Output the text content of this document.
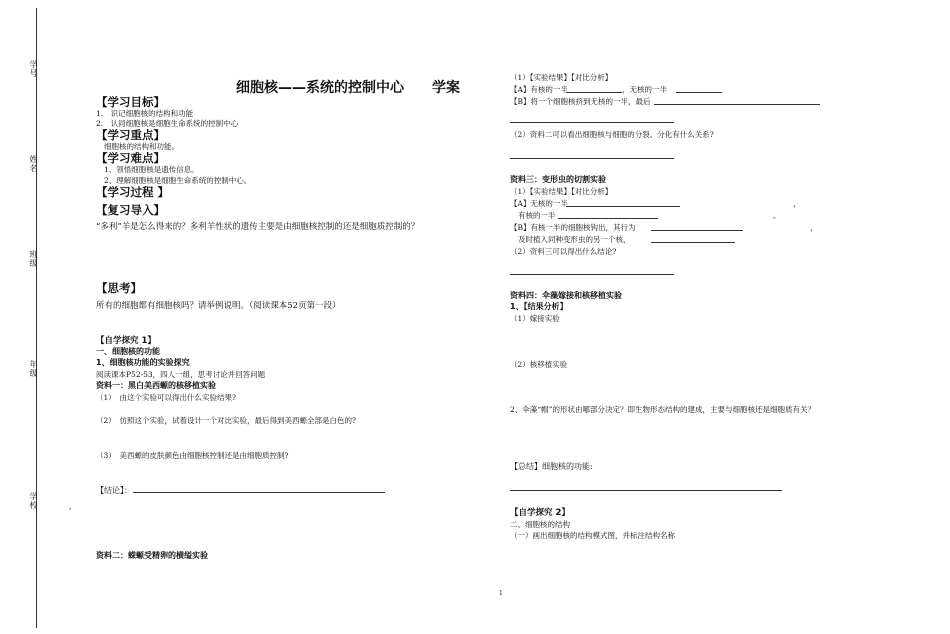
学号
姓名
班级
年级
学校
细胞核——系统的控制中心 学案
【学习目标】
1.　识记细胞核的结构和功能
2.　认同细胞核是细胞生命系统的控制中心
【学习重点】
细胞核的结构和功能。
【学习难点】
1、领悟细胞核是遗传信息。
2、理解细胞核是细胞生命系统的控制中心。
【学习过程 】
【复习导入】
“多利”羊是怎么得来的？多利羊性状的遗传主要是由细胞核控制的还是细胞质控制的？
【思考】
所有的细胞都有细胞核吗？请举例说明。（阅读课本52页第一段）
【自学探究 1】
一、细胞核的功能
1、细胞核功能的实验探究
阅读课本P52-53，四人一组，思考讨论并回答问题
资料一：黑白美西螈的核移植实验
（1）　由这个实验可以得出什么实验结果?
（2）　仿照这个实验，试着设计一个对比实验，最后得到美西螈全部是白色的?
（3）　美西螈的皮肤颜色由细胞核控制还是由细胞质控制?
【结论】：
,
资料二：蝾螈受精卵的横缢实验
（1）【实验结果】【对比分析】
【A】有核的一半	，无核的一半
【B】将一个细胞核挤到无核的一半，最后
（2）资料二可以看出细胞核与细胞的分裂、分化有什么关系?
资料三：变形虫的切割实验
（1）【实验结果】【对比分析】
【A】无核的一半	，
有核的一半	。
【B】有核一半的细胞核钩出，其行为	，
及时植入同种变形虫的另一个核，
（2）资料三可以得出什么结论?
资料四：伞藻嫁接和核移植实验
1、【结果分析】
（1）嫁接实验
（2）核移植实验
2、伞藻“帽”的形状由哪部分决定？即生物形态结构的建成，主要与细胞核还是细胞质有关？
【总结】细胞核的功能:
【自学探究 2】
二、细胞核的结构
（一）画出细胞核的结构模式图，并标注结构名称
1
